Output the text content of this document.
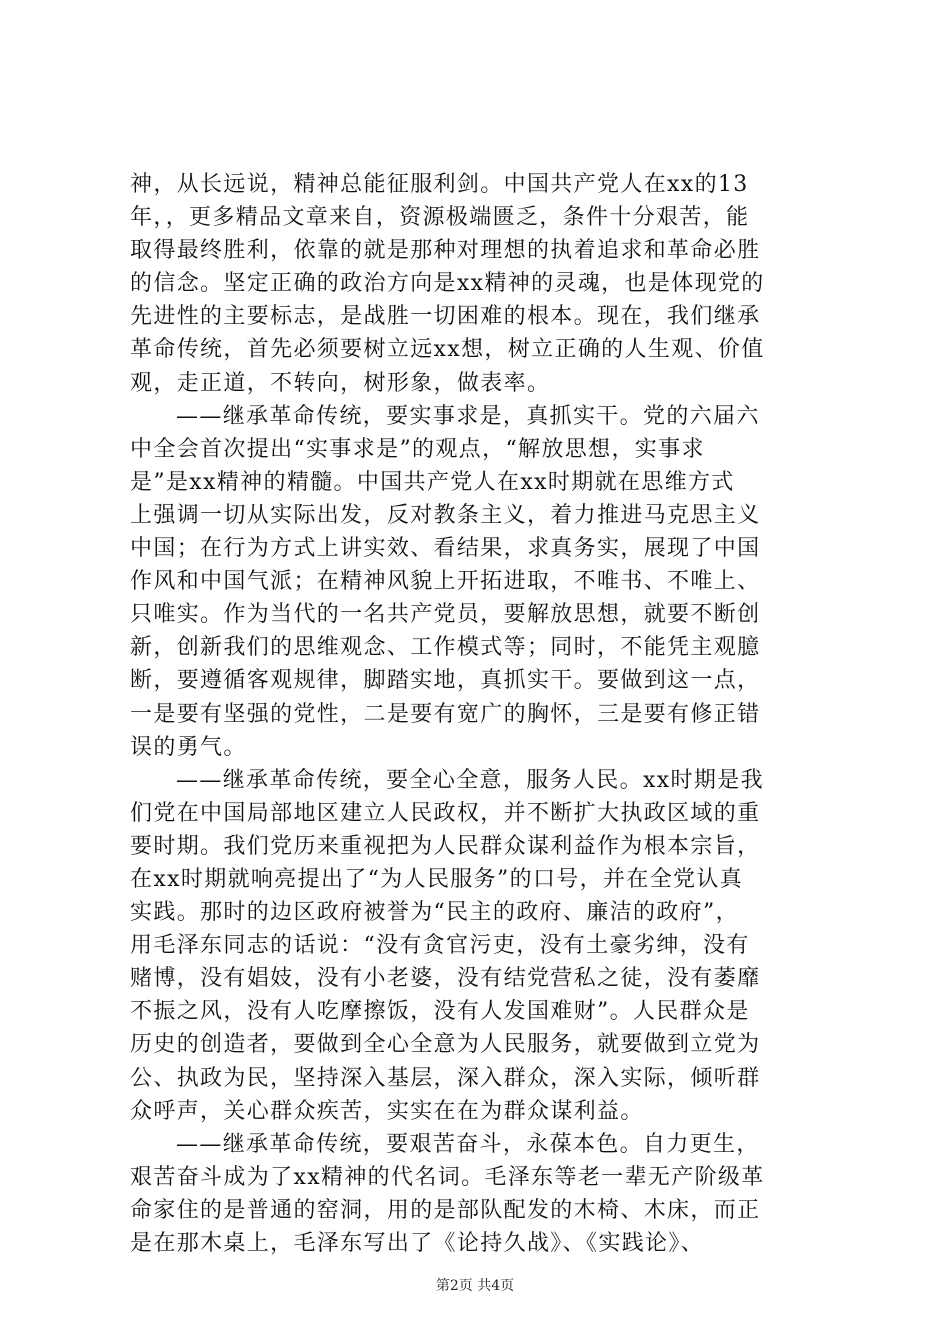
神，从长远说，精神总能征服利剑。中国共产党人在xx的13
年，，更多精品文章来自，资源极端匮乏，条件十分艰苦，能
取得最终胜利，依靠的就是那种对理想的执着追求和革命必胜
的信念。坚定正确的政治方向是xx精神的灵魂，也是体现党的
先进性的主要标志，是战胜一切困难的根本。现在，我们继承
革命传统，首先必须要树立远xx想，树立正确的人生观、价值
观，走正道，不转向，树形象，做表率。
——继承革命传统，要实事求是，真抓实干。党的六届六
中全会首次提出“实事求是”的观点，“解放思想，实事求
是”是xx精神的精髓。中国共产党人在xx时期就在思维方式
上强调一切从实际出发，反对教条主义，着力推进马克思主义
中国；在行为方式上讲实效、看结果，求真务实，展现了中国
作风和中国气派；在精神风貌上开拓进取，不唯书、不唯上、
只唯实。作为当代的一名共产党员，要解放思想，就要不断创
新，创新我们的思维观念、工作模式等；同时，不能凭主观臆
断，要遵循客观规律，脚踏实地，真抓实干。要做到这一点，
一是要有坚强的党性，二是要有宽广的胸怀，三是要有修正错
误的勇气。
——继承革命传统，要全心全意，服务人民。xx时期是我
们党在中国局部地区建立人民政权，并不断扩大执政区域的重
要时期。我们党历来重视把为人民群众谋利益作为根本宗旨，
在xx时期就响亮提出了“为人民服务”的口号，并在全党认真
实践。那时的边区政府被誉为“民主的政府、廉洁的政府”，
用毛泽东同志的话说：“没有贪官污吏，没有土豪劣绅，没有
赌博，没有娼妓，没有小老婆，没有结党营私之徒，没有萎靡
不振之风，没有人吃摩擦饭，没有人发国难财”。人民群众是
历史的创造者，要做到全心全意为人民服务，就要做到立党为
公、执政为民，坚持深入基层，深入群众，深入实际，倾听群
众呼声，关心群众疾苦，实实在在为群众谋利益。
——继承革命传统，要艰苦奋斗，永葆本色。自力更生，
艰苦奋斗成为了xx精神的代名词。毛泽东等老一辈无产阶级革
命家住的是普通的窑洞，用的是部队配发的木椅、木床，而正
是在那木桌上，毛泽东写出了《论持久战》、《实践论》、
第2页 共4页
